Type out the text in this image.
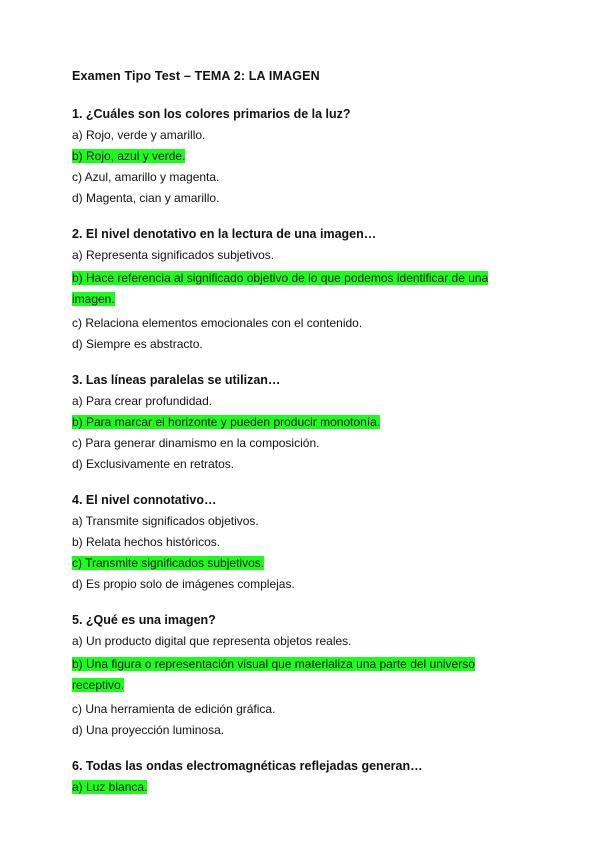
Examen Tipo Test – TEMA 2: LA IMAGEN
1. ¿Cuáles son los colores primarios de la luz?
a) Rojo, verde y amarillo.
b) Rojo, azul y verde.
c) Azul, amarillo y magenta.
d) Magenta, cian y amarillo.
2. El nivel denotativo en la lectura de una imagen…
a) Representa significados subjetivos.
b) Hace referencia al significado objetivo de lo que podemos identificar de una imagen.
c) Relaciona elementos emocionales con el contenido.
d) Siempre es abstracto.
3. Las líneas paralelas se utilizan…
a) Para crear profundidad.
b) Para marcar el horizonte y pueden producir monotonía.
c) Para generar dinamismo en la composición.
d) Exclusivamente en retratos.
4. El nivel connotativo…
a) Transmite significados objetivos.
b) Relata hechos históricos.
c) Transmite significados subjetivos.
d) Es propio solo de imágenes complejas.
5. ¿Qué es una imagen?
a) Un producto digital que representa objetos reales.
b) Una figura o representación visual que materializa una parte del universo receptivo.
c) Una herramienta de edición gráfica.
d) Una proyección luminosa.
6. Todas las ondas electromagnéticas reflejadas generan…
a) Luz blanca.
